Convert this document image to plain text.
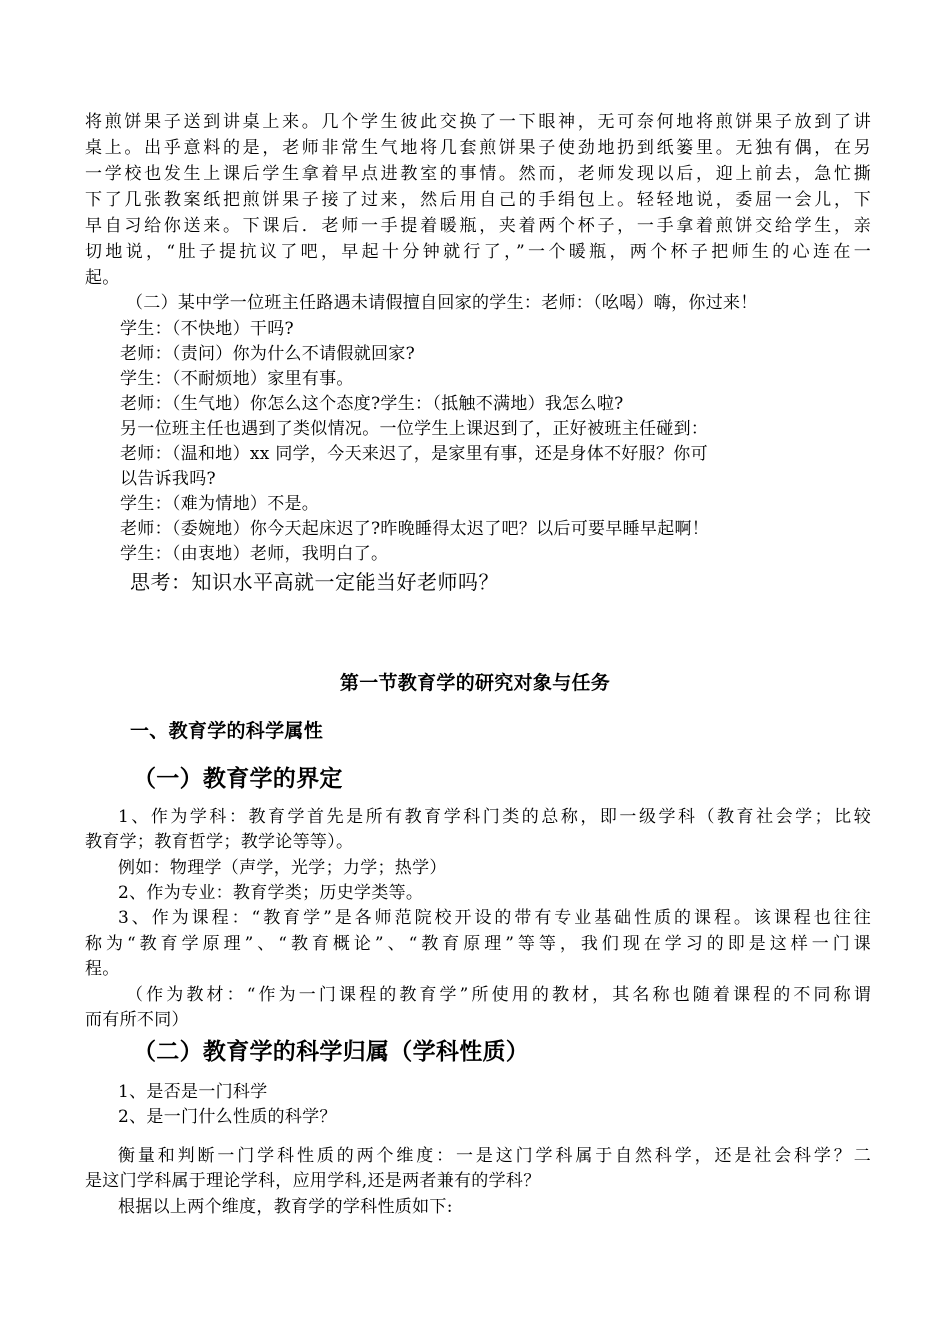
将煎饼果子送到讲桌上来。几个学生彼此交换了一下眼神，无可奈何地将煎饼果子放到了讲
桌上。出乎意料的是，老师非常生气地将几套煎饼果子使劲地扔到纸篓里。无独有偶，在另
一学校也发生上课后学生拿着早点进教室的事情。然而，老师发现以后，迎上前去，急忙撕
下了几张教案纸把煎饼果子接了过来，然后用自己的手绢包上。轻轻地说，委屈一会儿，下
早自习给你送来。下课后．老师一手提着暖瓶，夹着两个杯子，一手拿着煎饼交给学生，亲
切地说，“肚子提抗议了吧，早起十分钟就行了，”一个暖瓶，两个杯子把师生的心连在一
起。
（二）某中学一位班主任路遇未请假擅自回家的学生：老师：（吆喝）嗨，你过来！
学生：（不快地）干吗?
老师：（责问）你为什么不请假就回家?
学生：（不耐烦地）家里有事。
老师：（生气地）你怎么这个态度?学生：（抵触不满地）我怎么啦?
另一位班主任也遇到了类似情况。一位学生上课迟到了，正好被班主任碰到：
老师：（温和地）xx 同学，今天来迟了，是家里有事，还是身体不好服？你可
以告诉我吗?
学生：（难为情地）不是。
老师：（委婉地）你今天起床迟了?昨晚睡得太迟了吧？以后可要早睡早起啊！
学生：（由衷地）老师，我明白了。
思考：知识水平高就一定能当好老师吗？
第一节教育学的研究对象与任务
一、教育学的科学属性
（一）教育学的界定
1、作为学科：教育学首先是所有教育学科门类的总称，即一级学科（教育社会学；比较
教育学；教育哲学；教学论等等）。
例如：物理学（声学，光学；力学；热学）
2、作为专业：教育学类；历史学类等。
3、作为课程：“教育学”是各师范院校开设的带有专业基础性质的课程。该课程也往往
称为“教育学原理”、“教育概论”、“教育原理”等等，我们现在学习的即是这样一门课
程。
（作为教材：“作为一门课程的教育学”所使用的教材，其名称也随着课程的不同称谓
而有所不同）
（二）教育学的科学归属（学科性质）
1、是否是一门科学
2、是一门什么性质的科学？
衡量和判断一门学科性质的两个维度：一是这门学科属于自然科学，还是社会科学？二
是这门学科属于理论学科，应用学科,还是两者兼有的学科？
根据以上两个维度，教育学的学科性质如下:
